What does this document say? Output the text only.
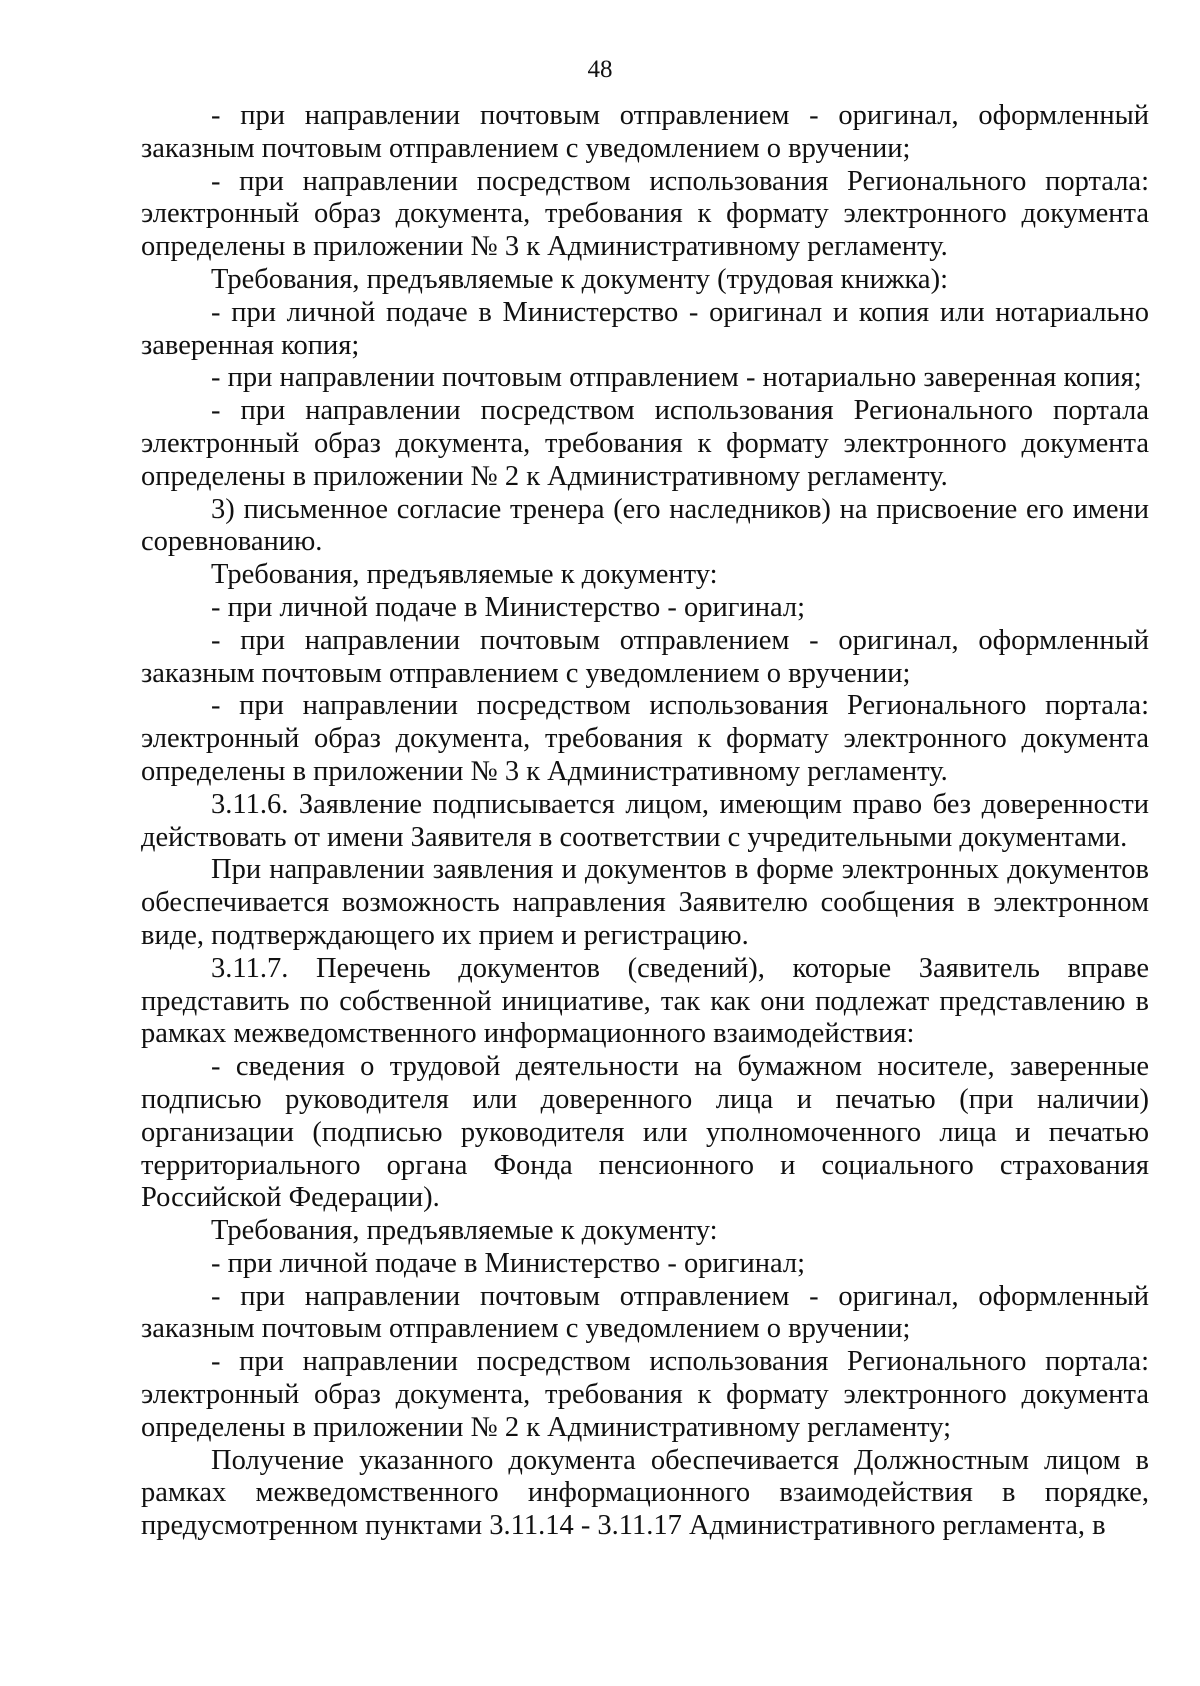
48

- при направлении почтовым отправлением - оригинал, оформленный заказным почтовым отправлением с уведомлением о вручении;

- при направлении посредством использования Регионального портала: электронный образ документа, требования к формату электронного документа определены в приложении № 3 к Административному регламенту.

Требования, предъявляемые к документу (трудовая книжка):

- при личной подаче в Министерство - оригинал и копия или нотариально заверенная копия;

- при направлении почтовым отправлением - нотариально заверенная копия;

- при направлении посредством использования Регионального портала электронный образ документа, требования к формату электронного документа определены в приложении № 2 к Административному регламенту.

3) письменное согласие тренера (его наследников) на присвоение его имени соревнованию.

Требования, предъявляемые к документу:

- при личной подаче в Министерство - оригинал;

- при направлении почтовым отправлением - оригинал, оформленный заказным почтовым отправлением с уведомлением о вручении;

- при направлении посредством использования Регионального портала: электронный образ документа, требования к формату электронного документа определены в приложении № 3 к Административному регламенту.

3.11.6. Заявление подписывается лицом, имеющим право без доверенности действовать от имени Заявителя в соответствии с учредительными документами.

При направлении заявления и документов в форме электронных документов обеспечивается возможность направления Заявителю сообщения в электронном виде, подтверждающего их прием и регистрацию.

3.11.7. Перечень документов (сведений), которые Заявитель вправе представить по собственной инициативе, так как они подлежат представлению в рамках межведомственного информационного взаимодействия:

- сведения о трудовой деятельности на бумажном носителе, заверенные подписью руководителя или доверенного лица и печатью (при наличии) организации (подписью руководителя или уполномоченного лица и печатью территориального органа Фонда пенсионного и социального страхования Российской Федерации).

Требования, предъявляемые к документу:

- при личной подаче в Министерство - оригинал;

- при направлении почтовым отправлением - оригинал, оформленный заказным почтовым отправлением с уведомлением о вручении;

- при направлении посредством использования Регионального портала: электронный образ документа, требования к формату электронного документа определены в приложении № 2 к Административному регламенту;

Получение указанного документа обеспечивается Должностным лицом в рамках межведомственного информационного взаимодействия в порядке, предусмотренном пунктами 3.11.14 - 3.11.17 Административного регламента, в
